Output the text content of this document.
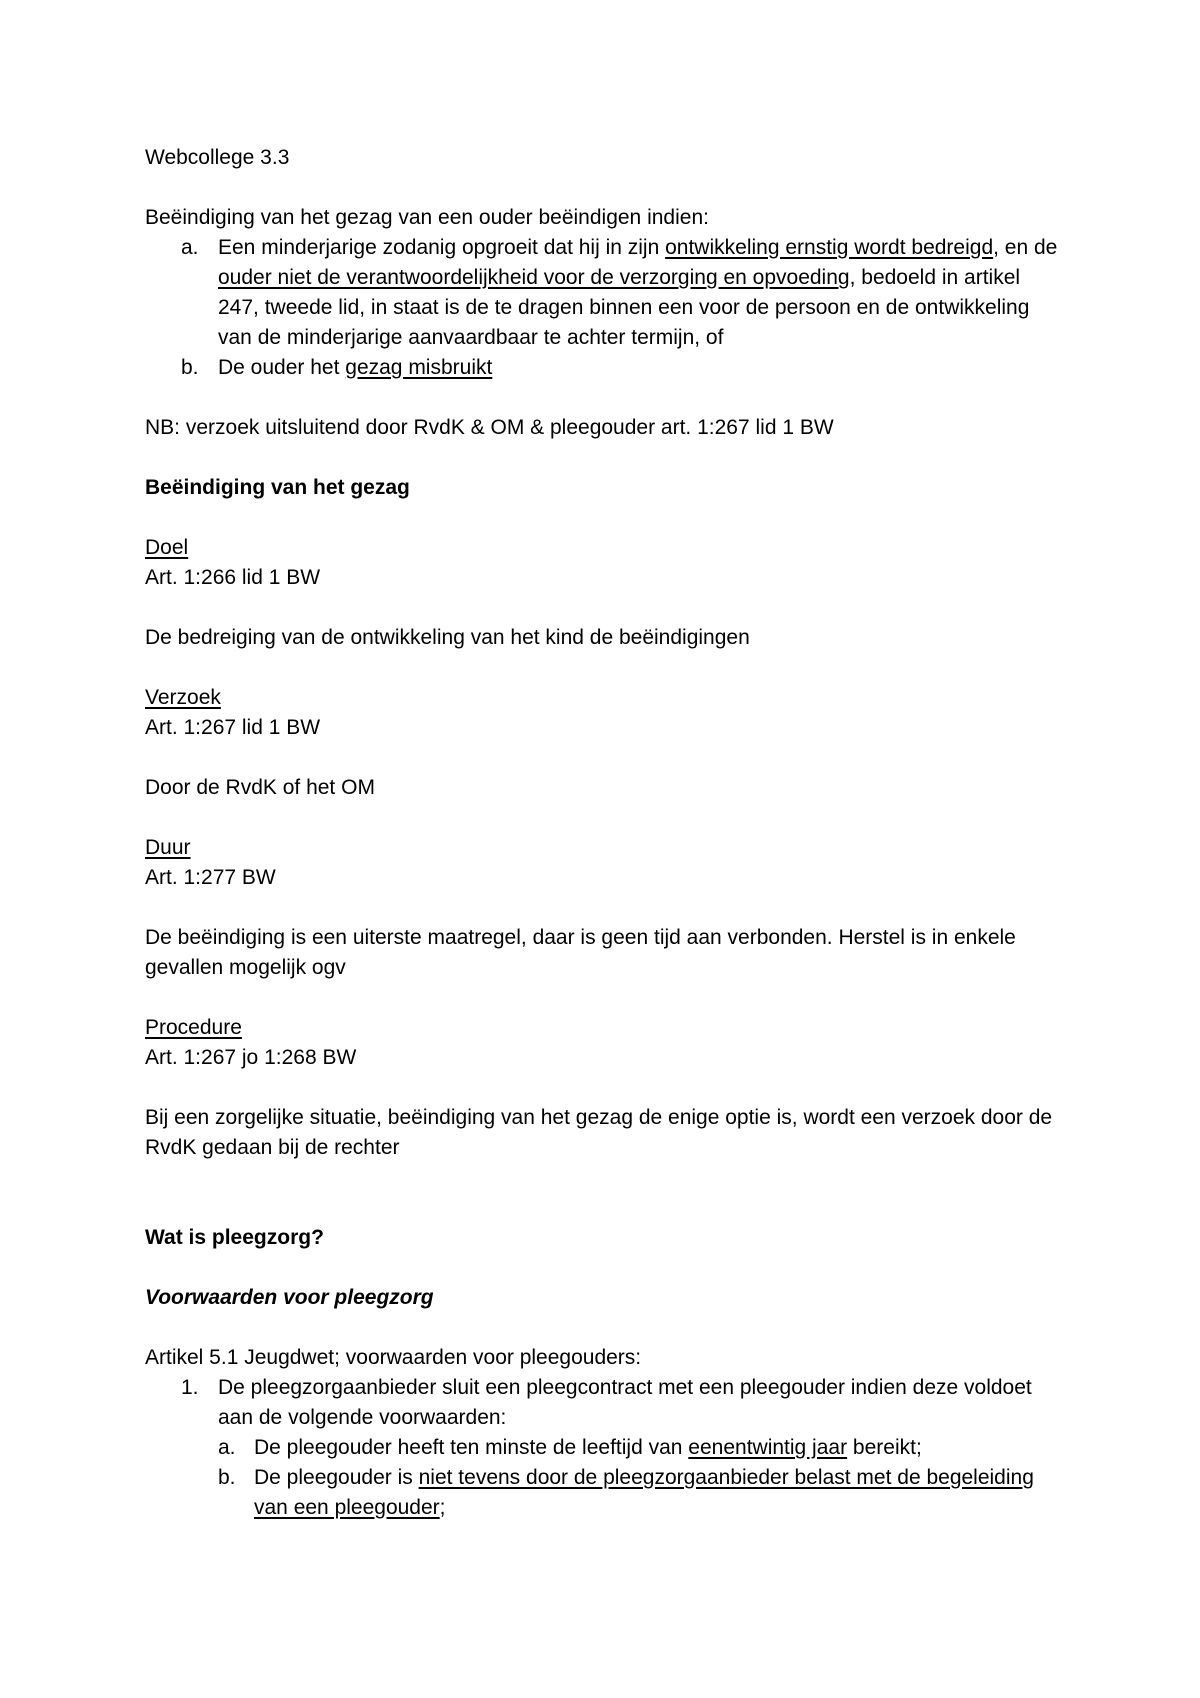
Webcollege 3.3

Beëindiging van het gezag van een ouder beëindigen indien:

a. Een minderjarige zodanig opgroeit dat hij in zijn ontwikkeling ernstig wordt bedreigd, en de ouder niet de verantwoordelijkheid voor de verzorging en opvoeding, bedoeld in artikel 247, tweede lid, in staat is de te dragen binnen een voor de persoon en de ontwikkeling van de minderjarige aanvaardbaar te achter termijn, of
b. De ouder het gezag misbruikt

NB: verzoek uitsluitend door RvdK & OM & pleegouder art. 1:267 lid 1 BW

Beëindiging van het gezag

Doel

Art. 1:266 lid 1 BW

De bedreiging van de ontwikkeling van het kind de beëindigingen

Verzoek

Art. 1:267 lid 1 BW

Door de RvdK of het OM

Duur

Art. 1:277 BW

De beëindiging is een uiterste maatregel, daar is geen tijd aan verbonden. Herstel is in enkele gevallen mogelijk ogv

Procedure

Art. 1:267 jo 1:268 BW

Bij een zorgelijke situatie, beëindiging van het gezag de enige optie is, wordt een verzoek door de RvdK gedaan bij de rechter

Wat is pleegzorg?

Voorwaarden voor pleegzorg

Artikel 5.1 Jeugdwet; voorwaarden voor pleegouders:

1. De pleegzorgaanbieder sluit een pleegcontract met een pleegouder indien deze voldoet aan de volgende voorwaarden:
a. De pleegouder heeft ten minste de leeftijd van eenentwintig jaar bereikt;
b. De pleegouder is niet tevens door de pleegzorgaanbieder belast met de begeleiding van een pleegouder;
